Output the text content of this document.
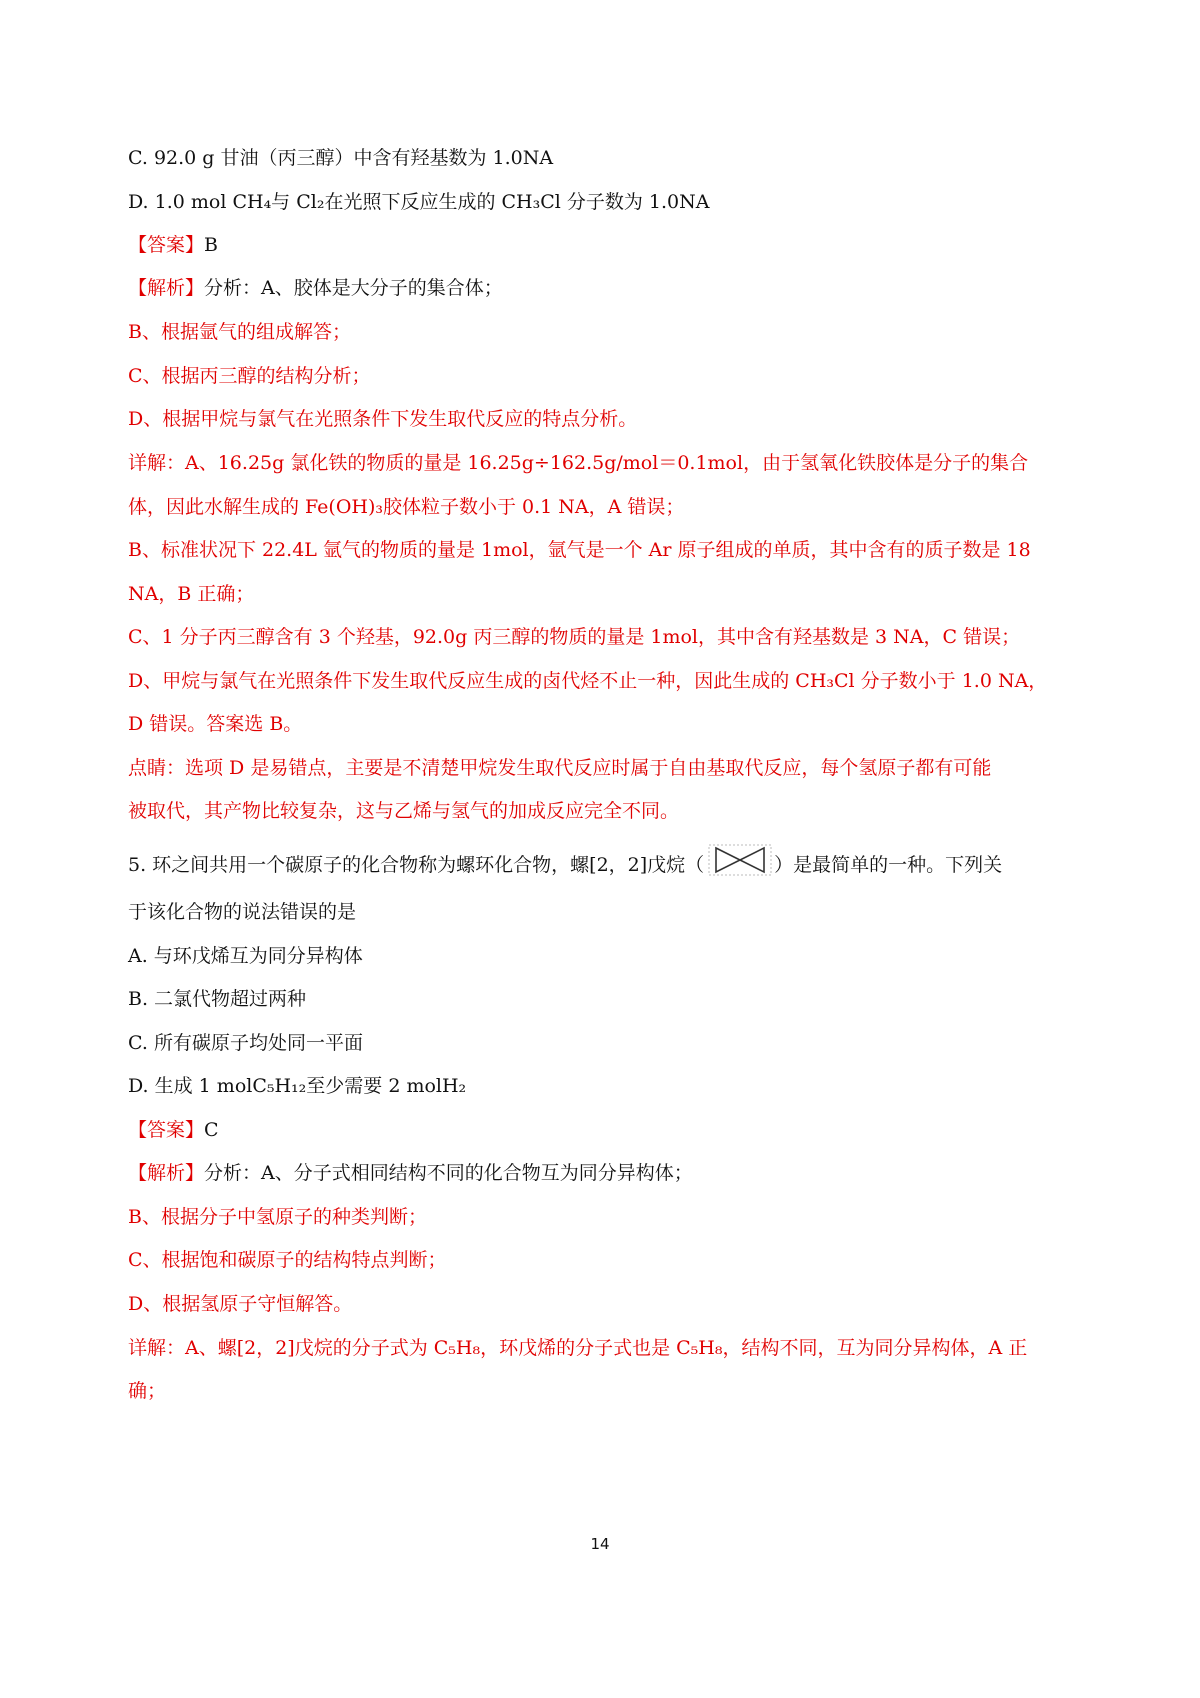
C. 92.0 g 甘油（丙三醇）中含有羟基数为 1.0NA
D. 1.0 mol CH₄与 Cl₂在光照下反应生成的 CH₃Cl 分子数为 1.0NA
【答案】B
【解析】分析：A、胶体是大分子的集合体；
B、根据氩气的组成解答；
C、根据丙三醇的结构分析；
D、根据甲烷与氯气在光照条件下发生取代反应的特点分析。
详解：A、16.25g 氯化铁的物质的量是 16.25g÷162.5g/mol＝0.1mol，由于氢氧化铁胶体是分子的集合
体，因此水解生成的 Fe(OH)₃胶体粒子数小于 0.1 NA，A 错误；
B、标准状况下 22.4L 氩气的物质的量是 1mol，氩气是一个 Ar 原子组成的单质，其中含有的质子数是 18
NA，B 正确；
C、1 分子丙三醇含有 3 个羟基，92.0g 丙三醇的物质的量是 1mol，其中含有羟基数是 3 NA，C 错误；
D、甲烷与氯气在光照条件下发生取代反应生成的卤代烃不止一种，因此生成的 CH₃Cl 分子数小于 1.0 NA，
D 错误。答案选 B。
点睛：选项 D 是易错点，主要是不清楚甲烷发生取代反应时属于自由基取代反应，每个氢原子都有可能
被取代，其产物比较复杂，这与乙烯与氢气的加成反应完全不同。
5. 环之间共用一个碳原子的化合物称为螺环化合物，螺[2，2]戊烷（	）是最简单的一种。下列关
于该化合物的说法错误的是
A. 与环戊烯互为同分异构体
B. 二氯代物超过两种
C. 所有碳原子均处同一平面
D. 生成 1 molC₅H₁₂至少需要 2 molH₂
【答案】C
【解析】分析：A、分子式相同结构不同的化合物互为同分异构体；
B、根据分子中氢原子的种类判断；
C、根据饱和碳原子的结构特点判断；
D、根据氢原子守恒解答。
详解：A、螺[2，2]戊烷的分子式为 C₅H₈，环戊烯的分子式也是 C₅H₈，结构不同，互为同分异构体，A 正
确；
14
